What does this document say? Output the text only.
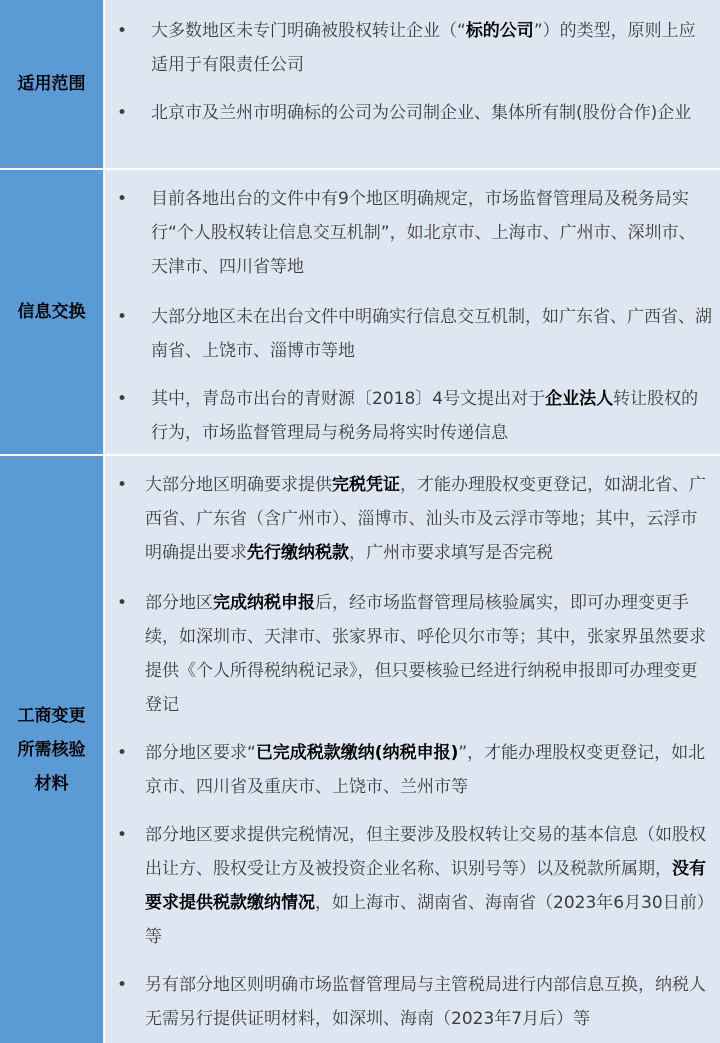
适用范围
• 大多数地区未专门明确被股权转让企业（“标的公司”）的类型，原则上应适用于有限责任公司
• 北京市及兰州市明确标的公司为公司制企业、集体所有制(股份合作)企业
信息交换
• 目前各地出台的文件中有9个地区明确规定，市场监督管理局及税务局实行“个人股权转让信息交互机制”，如北京市、上海市、广州市、深圳市、天津市、四川省等地
• 大部分地区未在出台文件中明确实行信息交互机制，如广东省、广西省、湖南省、上饶市、淄博市等地
• 其中，青岛市出台的青财源〔2018〕4号文提出对于企业法人转让股权的行为，市场监督管理局与税务局将实时传递信息
工商变更
所需核验
材料
• 大部分地区明确要求提供完税凭证，才能办理股权变更登记，如湖北省、广西省、广东省（含广州市）、淄博市、汕头市及云浮市等地；其中，云浮市明确提出要求先行缴纳税款，广州市要求填写是否完税
• 部分地区完成纳税申报后，经市场监督管理局核验属实，即可办理变更手续，如深圳市、天津市、张家界市、呼伦贝尔市等；其中，张家界虽然要求提供《个人所得税纳税记录》，但只要核验已经进行纳税申报即可办理变更登记
• 部分地区要求“已完成税款缴纳(纳税申报)”，才能办理股权变更登记，如北京市、四川省及重庆市、上饶市、兰州市等
• 部分地区要求提供完税情况，但主要涉及股权转让交易的基本信息（如股权出让方、股权受让方及被投资企业名称、识别号等）以及税款所属期，没有要求提供税款缴纳情况，如上海市、湖南省、海南省（2023年6月30日前）等
• 另有部分地区则明确市场监督管理局与主管税局进行内部信息互换，纳税人无需另行提供证明材料，如深圳、海南（2023年7月后）等
